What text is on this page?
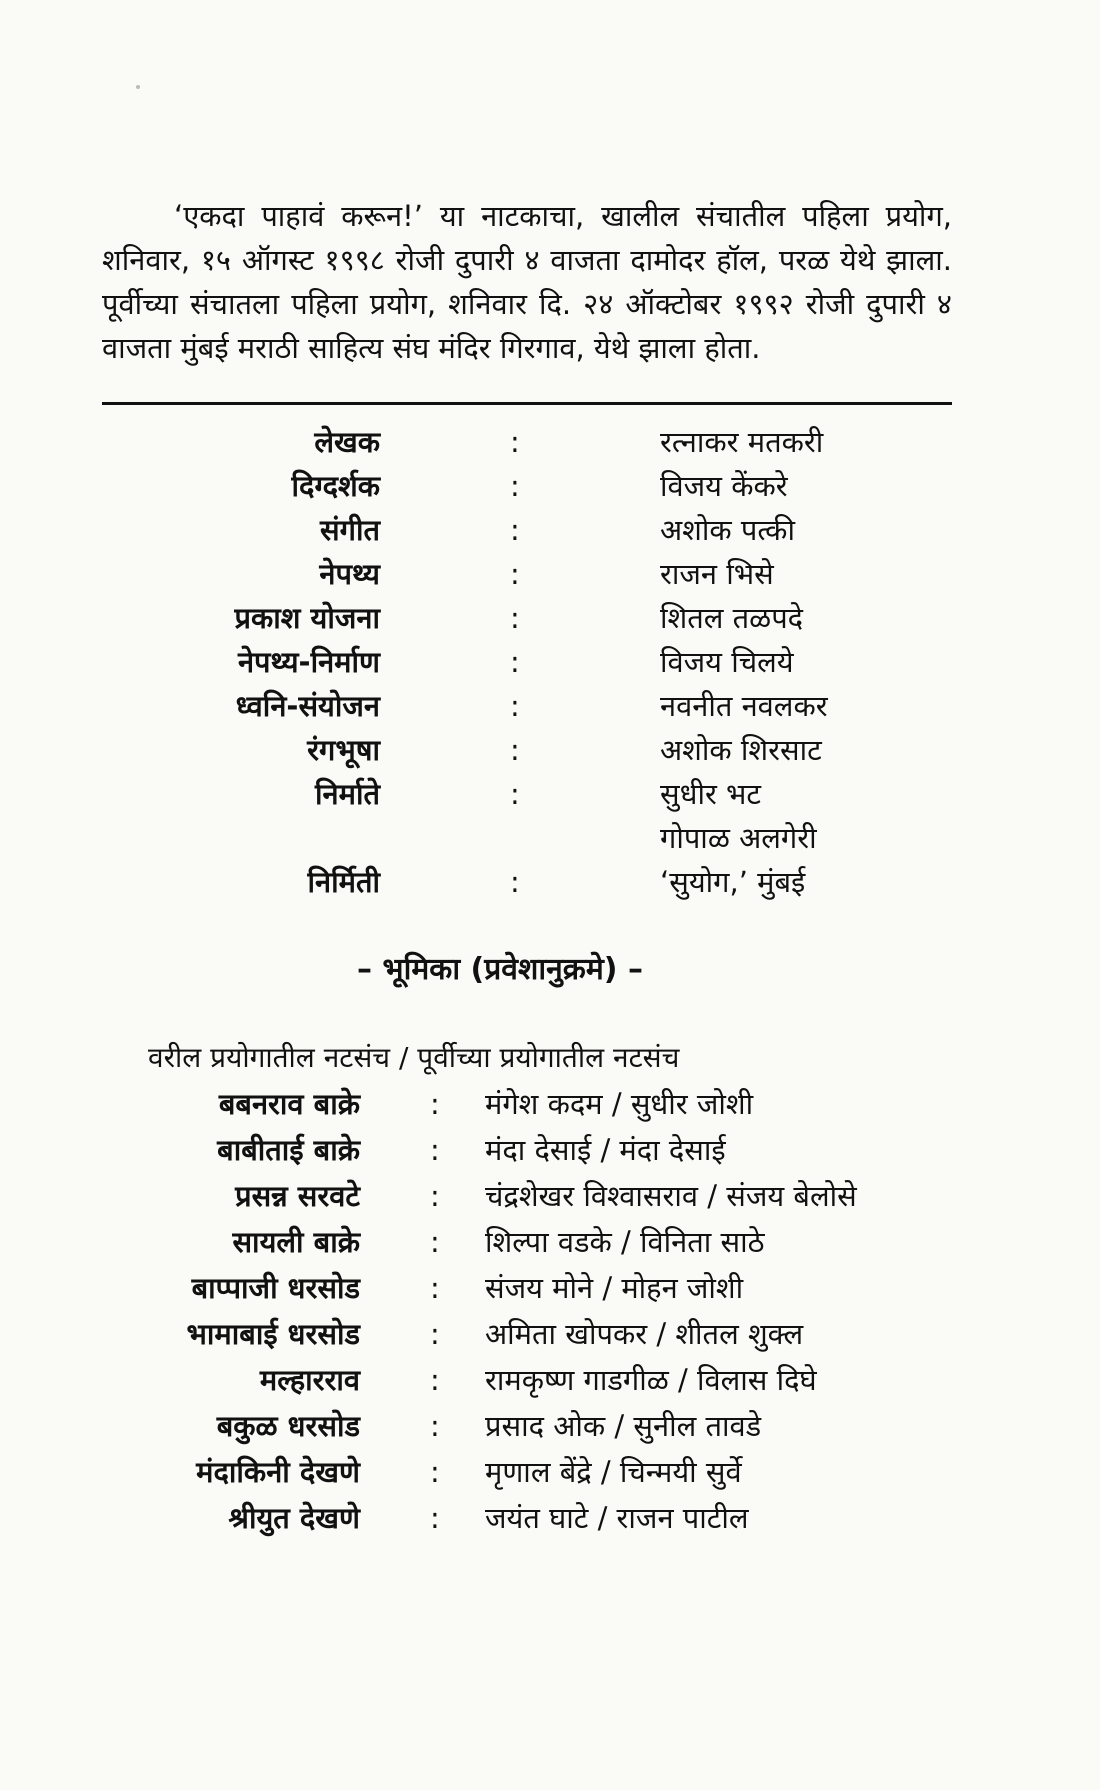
‘एकदा पाहावं करून!’ या नाटकाचा, खालील संचातील पहिला प्रयोग, शनिवार, १५ ऑगस्ट १९९८ रोजी दुपारी ४ वाजता दामोदर हॉल, परळ येथे झाला. पूर्वीच्या संचातला पहिला प्रयोग, शनिवार दि. २४ ऑक्टोबर १९९२ रोजी दुपारी ४ वाजता मुंबई मराठी साहित्य संघ मंदिर गिरगाव, येथे झाला होता.

लेखक	:	रत्नाकर मतकरी
दिग्दर्शक	:	विजय केंकरे
संगीत	:	अशोक पत्की
नेपथ्य	:	राजन भिसे
प्रकाश योजना	:	शितल तळपदे
नेपथ्य-निर्माण	:	विजय चिलये
ध्वनि-संयोजन	:	नवनीत नवलकर
रंगभूषा	:	अशोक शिरसाट
निर्माते	:	सुधीर भट
गोपाळ अलगेरी
निर्मिती	:	‘सुयोग,’ मुंबई
– भूमिका (प्रवेशानुक्रमे) –
वरील प्रयोगातील नटसंच / पूर्वीच्या प्रयोगातील नटसंच
बबनराव बाक्रे : मंगेश कदम / सुधीर जोशी
बाबीताई बाक्रे : मंदा देसाई / मंदा देसाई
प्रसन्न सरवटे : चंद्रशेखर विश्वासराव / संजय बेलोसे
सायली बाक्रे : शिल्पा वडके / विनिता साठे
बाप्पाजी धरसोड : संजय मोने / मोहन जोशी
भामाबाई धरसोड : अमिता खोपकर / शीतल शुक्ल
मल्हारराव : रामकृष्ण गाडगीळ / विलास दिघे
बकुळ धरसोड : प्रसाद ओक / सुनील तावडे
मंदाकिनी देखणे : मृणाल बेंद्रे / चिन्मयी सुर्वे
श्रीयुत देखणे : जयंत घाटे / राजन पाटील
